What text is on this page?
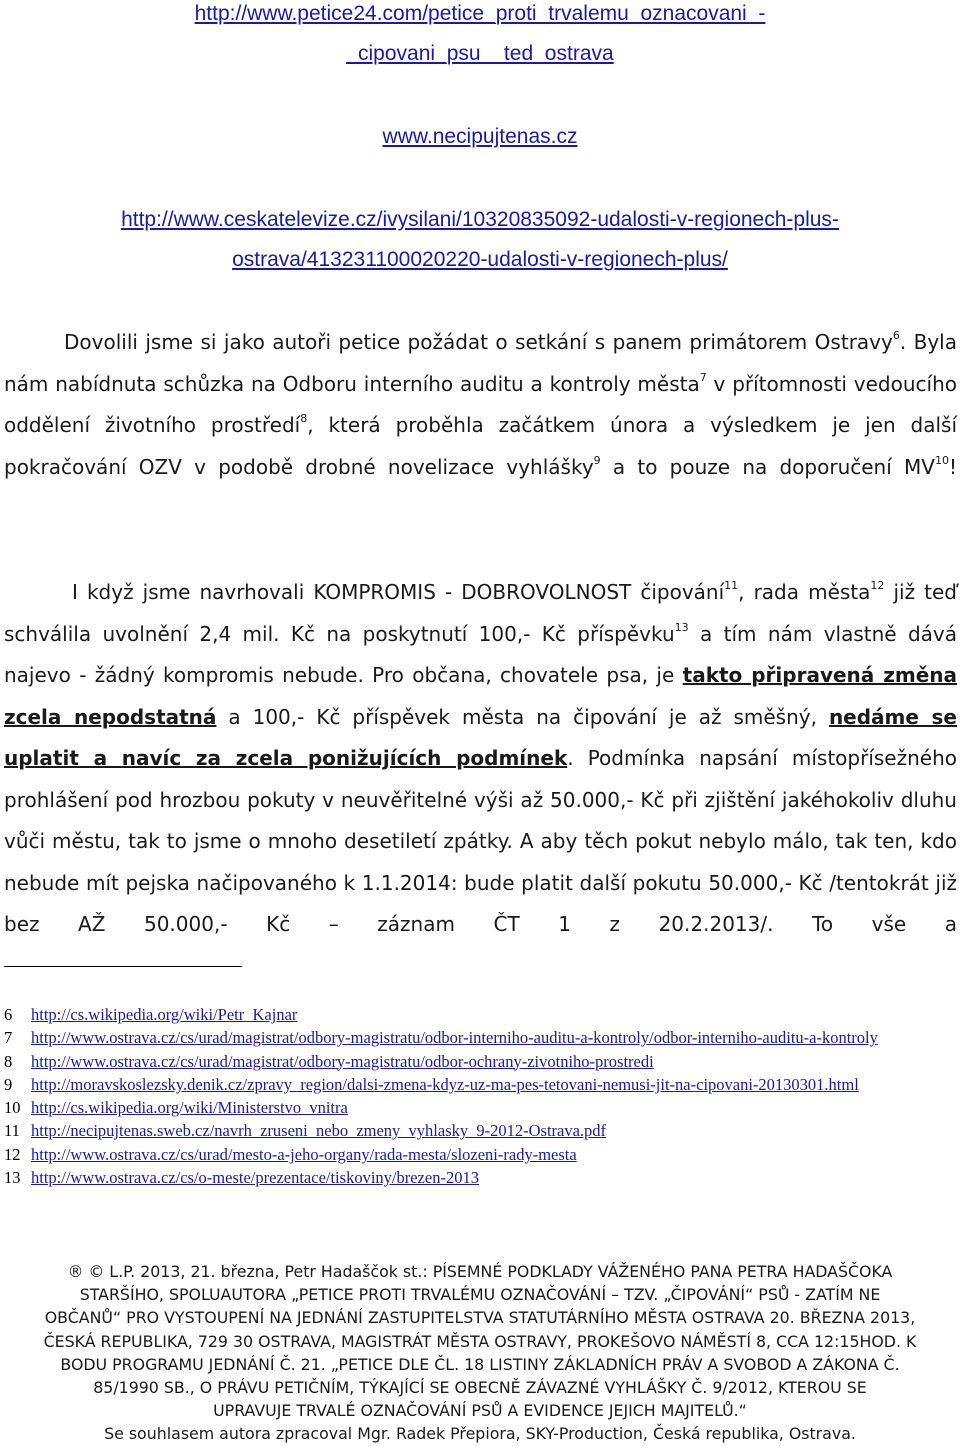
http://www.petice24.com/petice_proti_trvalemu_oznacovani_-
_cipovani_psu__ted_ostrava
www.necipujtenas.cz
http://www.ceskatelevize.cz/ivysilani/10320835092-udalosti-v-regionech-plus-
ostrava/413231100020220-udalosti-v-regionech-plus/
Dovolili jsme si jako autoři petice požádat o setkání s panem primátorem Ostravy$^6$. Byla nám nabídnuta schůzka na Odboru interního auditu a kontroly města$^7$ v přítomnosti vedoucího oddělení životního prostředí$^8$, která proběhla začátkem února a výsledkem je jen další pokračování OZV v podobě drobné novelizace vyhlášky$^9$ a to pouze na doporučení MV$^{10}$!
I když jsme navrhovali KOMPROMIS - DOBROVOLNOST čipování$^{11}$, rada města$^{12}$ již teď schválila uvolnění 2,4 mil. Kč na poskytnutí 100,- Kč příspěvku$^{13}$ a tím nám vlastně dává najevo - žádný kompromis nebude. Pro občana, chovatele psa, je takto připravená změna zcela nepodstatná a 100,- Kč příspěvek města na čipování je až směšný, nedáme se uplatit a navíc za zcela ponižujících podmínek. Podmínka napsání místopřísežného prohlášení pod hrozbou pokuty v neuvěřitelné výši až 50.000,- Kč při zjištění jakéhokoliv dluhu vůči městu, tak to jsme o mnoho desetiletí zpátky. A aby těch pokut nebylo málo, tak ten, kdo nebude mít pejska načipovaného k 1.1.2014: bude platit další pokutu 50.000,- Kč /tentokrát již bez AŽ 50.000,- Kč – záznam ČT 1 z 20.2.2013/. To vše a
6	http://cs.wikipedia.org/wiki/Petr_Kajnar
7	http://www.ostrava.cz/cs/urad/magistrat/odbory-magistratu/odbor-interniho-auditu-a-kontroly/odbor-interniho-auditu-a-kontroly
8	http://www.ostrava.cz/cs/urad/magistrat/odbory-magistratu/odbor-ochrany-zivotniho-prostredi
9	http://moravskoslezsky.denik.cz/zpravy_region/dalsi-zmena-kdyz-uz-ma-pes-tetovani-nemusi-jit-na-cipovani-20130301.html
10 http://cs.wikipedia.org/wiki/Ministerstvo_vnitra
11 http://necipujtenas.sweb.cz/navrh_zruseni_nebo_zmeny_vyhlasky_9-2012-Ostrava.pdf
12 http://www.ostrava.cz/cs/urad/mesto-a-jeho-organy/rada-mesta/slozeni-rady-mesta
13 http://www.ostrava.cz/cs/o-meste/prezentace/tiskoviny/brezen-2013
® © L.P. 2013, 21. března, Petr Hadaščok st.: PÍSEMNÉ PODKLADY VÁŽENÉHO PANA PETRA HADAŠČOKA
STARŠÍHO, SPOLUAUTORA „PETICE PROTI TRVALÉMU OZNAČOVÁNÍ – TZV. „ČIPOVÁNÍ“ PSŮ - ZATÍM NE
OBČANŮ“ PRO VYSTOUPENÍ NA JEDNÁNÍ ZASTUPITELSTVA STATUTÁRNÍHO MĚSTA OSTRAVA 20. BŘEZNA 2013,
ČESKÁ REPUBLIKA, 729 30 OSTRAVA, MAGISTRÁT MĚSTA OSTRAVY, PROKEŠOVO NÁMĚSTÍ 8, CCA 12:15HOD. K
BODU PROGRAMU JEDNÁNÍ Č. 21. „PETICE DLE ČL. 18 LISTINY ZÁKLADNÍCH PRÁV A SVOBOD A ZÁKONA Č.
85/1990 SB., O PRÁVU PETIČNÍM, TÝKAJÍCÍ SE OBECNĚ ZÁVAZNÉ VYHLÁŠKY Č. 9/2012, KTEROU SE
UPRAVUJE TRVALÉ OZNAČOVÁNÍ PSŮ A EVIDENCE JEJICH MAJITELŮ.“
Se souhlasem autora zpracoval Mgr. Radek Přepiora, SKY-Production, Česká republika, Ostrava.
